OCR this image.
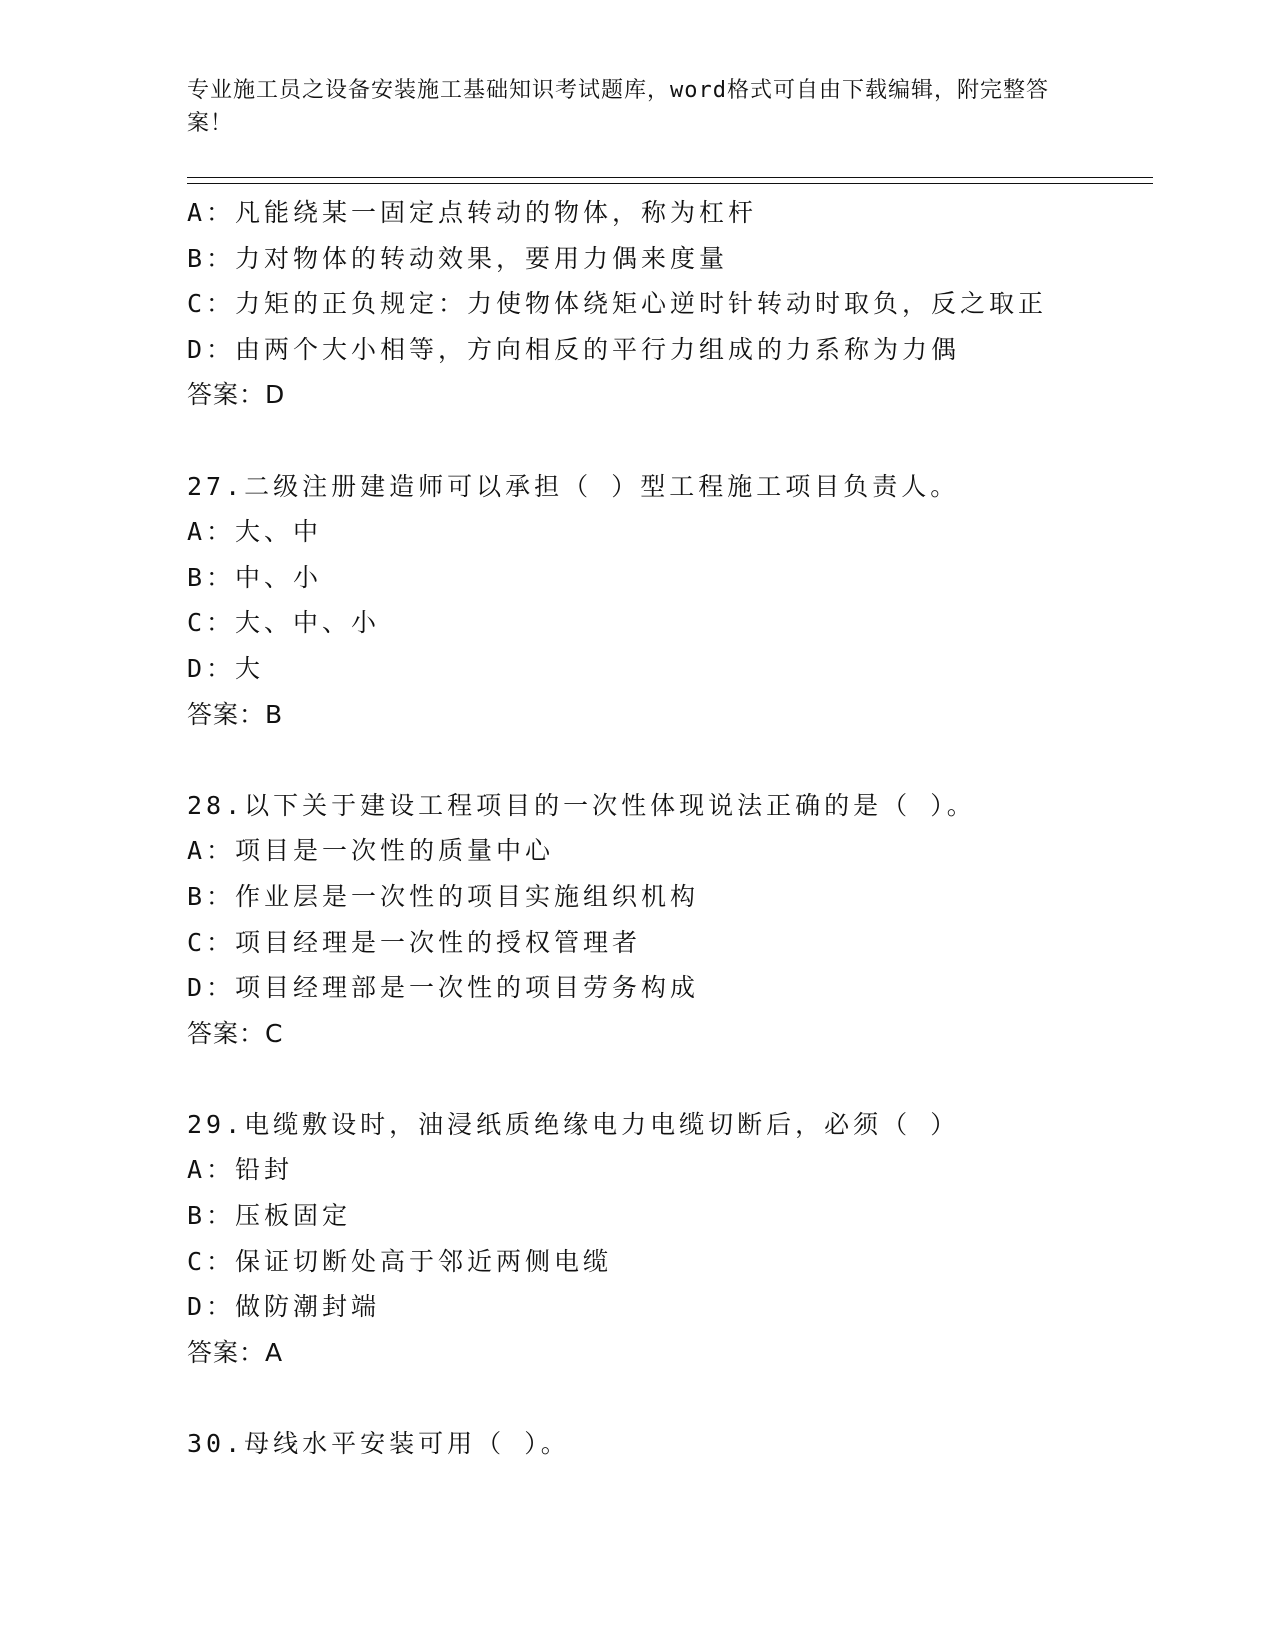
专业施工员之设备安装施工基础知识考试题库，word格式可自由下载编辑，附完整答案！
A：凡能绕某一固定点转动的物体，称为杠杆
B：力对物体的转动效果，要用力偶来度量
C：力矩的正负规定：力使物体绕矩心逆时针转动时取负，反之取正
D：由两个大小相等，方向相反的平行力组成的力系称为力偶
答案：D
27.二级注册建造师可以承担（ ）型工程施工项目负责人。
A：大、中
B：中、小
C：大、中、小
D：大
答案：B
28.以下关于建设工程项目的一次性体现说法正确的是（ ）。
A：项目是一次性的质量中心
B：作业层是一次性的项目实施组织机构
C：项目经理是一次性的授权管理者
D：项目经理部是一次性的项目劳务构成
答案：C
29.电缆敷设时，油浸纸质绝缘电力电缆切断后，必须（ ）
A：铅封
B：压板固定
C：保证切断处高于邻近两侧电缆
D：做防潮封端
答案：A
30.母线水平安装可用（ ）。
